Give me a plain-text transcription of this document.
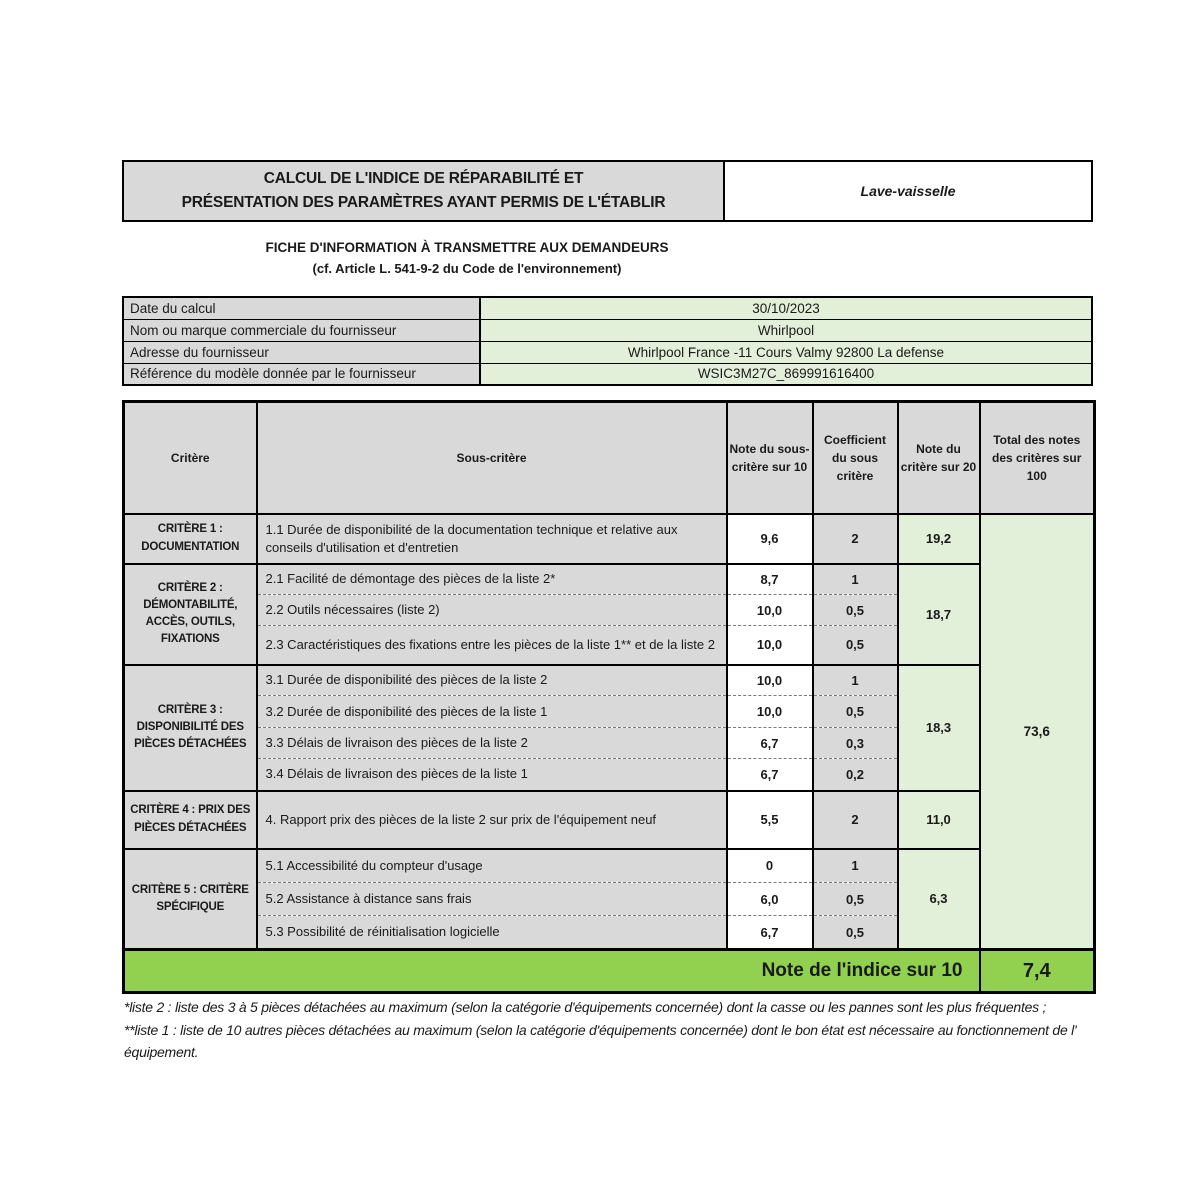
CALCUL DE L'INDICE DE RÉPARABILITÉ ET
PRÉSENTATION DES PARAMÈTRES AYANT PERMIS DE L'ÉTABLIR
Lave-vaisselle
FICHE D'INFORMATION À TRANSMETTRE AUX DEMANDEURS
(cf. Article L. 541-9-2 du Code de l'environnement)
Date du calcul	30/10/2023
Nom ou marque commerciale du fournisseur	Whirlpool
Adresse du fournisseur	Whirlpool France -11 Cours Valmy 92800 La defense
Référence du modèle donnée par le fournisseur	WSIC3M27C_869991616400
Critère	Sous-critère	Note du sous-critère sur 10	Coefficient du sous critère	Note du critère sur 20	Total des notes des critères sur 100
CRITÈRE 1 : DOCUMENTATION	1.1 Durée de disponibilité de la documentation technique et relative aux conseils d'utilisation et d'entretien	9,6	2	19,2	73,6
CRITÈRE 2 : DÉMONTABILITÉ, ACCÈS, OUTILS, FIXATIONS	2.1 Facilité de démontage des pièces de la liste 2*	8,7	1	18,7	
	2.2 Outils nécessaires (liste 2)	10,0	0,5		
	2.3 Caractéristiques des fixations entre les pièces de la liste 1** et de la liste 2	10,0	0,5		
CRITÈRE 3 : DISPONIBILITÉ DES PIÈCES DÉTACHÉES	3.1 Durée de disponibilité des pièces de la liste 2	10,0	1	18,3	
	3.2 Durée de disponibilité des pièces de la liste 1	10,0	0,5		
	3.3 Délais de livraison des pièces de la liste 2	6,7	0,3		
	3.4 Délais de livraison des pièces de la liste 1	6,7	0,2		
CRITÈRE 4 : PRIX DES PIÈCES DÉTACHÉES	4. Rapport prix des pièces de la liste 2 sur prix de l'équipement neuf	5,5	2	11,0	
CRITÈRE 5 : CRITÈRE SPÉCIFIQUE	5.1 Accessibilité du compteur d'usage	0	1	6,3	
	5.2 Assistance à distance sans frais	6,0	0,5		
	5.3 Possibilité de réinitialisation logicielle	6,7	0,5		
Note de l'indice sur 10					7,4
*liste 2 : liste des 3 à 5 pièces détachées au maximum (selon la catégorie d'équipements concernée) dont la casse ou les pannes sont les plus fréquentes ;
**liste 1 : liste de 10 autres pièces détachées au maximum (selon la catégorie d'équipements concernée) dont le bon état est nécessaire au fonctionnement de l' équipement.
